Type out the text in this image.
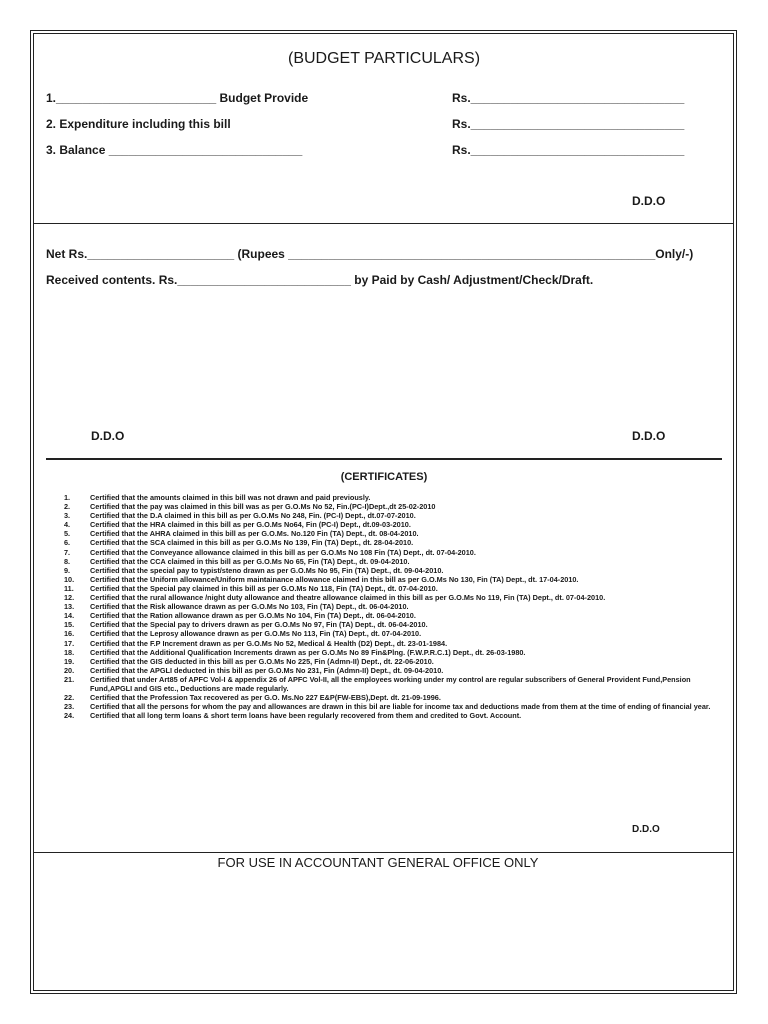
(BUDGET PARTICULARS)
1.________________________ Budget Provide	Rs.________________________________
2. Expenditure including this bill	Rs.________________________________
3. Balance _____________________________	Rs.________________________________
D.D.O
Net Rs.______________________ (Rupees _______________________________________________________Only/-)
Received contents. Rs.__________________________ by Paid by Cash/ Adjustment/Check/Draft.
D.D.O	D.D.O
(CERTIFICATES)
1.	Certified that the amounts claimed in this bill was not drawn and paid previously.
2.	Certified that the pay was claimed in this bill was as per G.O.Ms No 52, Fin.(PC-I)Dept.,dt 25-02-2010
3.	Certified that the D.A claimed in this bill as per G.O.Ms No 248, Fin. (PC-I) Dept., dt.07-07-2010.
4.	Certified that the HRA claimed in this bill as per G.O.Ms No64, Fin (PC-I) Dept., dt.09-03-2010.
5.	Certified that the AHRA claimed in this bill as per G.O.Ms. No.120 Fin (TA) Dept., dt. 08-04-2010.
6.	Certified that the SCA claimed in this bill as per G.O.Ms No 139, Fin (TA) Dept., dt. 28-04-2010.
7.	Certified that the Conveyance allowance claimed in this bill as per G.O.Ms No 108 Fin (TA) Dept., dt. 07-04-2010.
8.	Certified that the CCA claimed in this bill as per G.O.Ms No 65, Fin (TA) Dept., dt. 09-04-2010.
9.	Certified that the special pay to typist/steno drawn as per G.O.Ms No 95, Fin (TA) Dept., dt. 09-04-2010.
10. Certified that the Uniform allowance/Uniform maintainance allowance claimed in this bill as per G.O.Ms No 130, Fin (TA) Dept., dt. 17-04-2010.
11. Certified that the Special pay claimed in this bill as per G.O.Ms No 118, Fin (TA) Dept., dt. 07-04-2010.
12. Certified that the rural allowance /night duty allowance and theatre allowance claimed in this bill as per G.O.Ms No 119, Fin (TA) Dept., dt. 07-04-2010.
13. Certified that the Risk allowance drawn as per G.O.Ms No 103, Fin (TA) Dept., dt. 06-04-2010.
14. Certified that the Ration allowance drawn as per G.O.Ms No 104, Fin (TA) Dept., dt. 06-04-2010.
15. Certified that the Special pay to drivers drawn as per G.O.Ms No 97, Fin (TA) Dept., dt. 06-04-2010.
16. Certified that the Leprosy allowance drawn as per G.O.Ms No 113, Fin (TA) Dept., dt. 07-04-2010.
17. Certified that the F.P Increment drawn as per G.O.Ms No 52, Medical & Health (D2) Dept., dt. 23-01-1984.
18. Certified that the Additional Qualification Increments drawn as per G.O.Ms No 89 Fin&Plng. (F.W.P.R.C.1) Dept., dt. 26-03-1980.
19. Certified that the GIS deducted in this bill as per G.O.Ms No 225, Fin (Admn-II) Dept., dt. 22-06-2010.
20. Certified that the APGLI deducted in this bill as per G.O.Ms No 231, Fin (Admn-II) Dept., dt. 09-04-2010.
21. Certified that under Art85 of APFC Vol-I & appendix 26 of APFC Vol-II, all the employees working under my control are regular subscribers of General Provident Fund,Pension Fund,APGLI and GIS etc., Deductions are made regularly.
22. Certified that the Profession Tax recovered as per G.O. Ms.No 227 E&P(FW-EBS),Dept. dt. 21-09-1996.
23. Certified that all the persons for whom the pay and allowances are drawn in this bil are liable for income tax and deductions made from them at the time of ending of financial year.
24. Certified that all long term loans & short term loans have been regularly recovered from them and credited to Govt. Account.
D.D.O
FOR USE IN ACCOUNTANT GENERAL OFFICE ONLY
